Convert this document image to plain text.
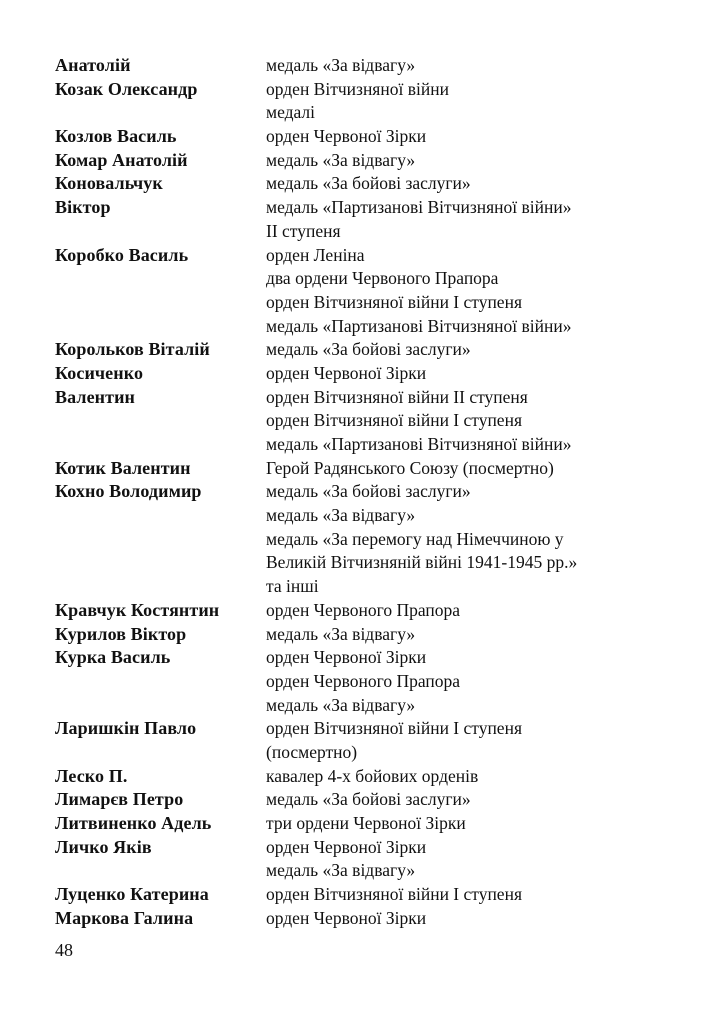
Анатолій	медаль «За відвагу»
Козак Олександр	орден Вітчизняної війни
медалі
Козлов Василь	орден Червоної Зірки
Комар Анатолій	медаль «За відвагу»
Коновальчук	медаль «За бойові заслуги»
Віктор	медаль «Партизанові Вітчизняної війни»
ІІ ступеня
Коробко Василь	орден Леніна
два ордени Червоного Прапора
орден Вітчизняної війни І ступеня
медаль «Партизанові Вітчизняної війни»
Корольков Віталій	медаль «За бойові заслуги»
Косиченко	орден Червоної Зірки
Валентин	орден Вітчизняної війни ІІ ступеня
орден Вітчизняної війни І ступеня
медаль «Партизанові Вітчизняної війни»
Котик Валентин	Герой Радянського Союзу (посмертно)
Кохно Володимир	медаль «За бойові заслуги»
медаль «За відвагу»
медаль «За перемогу над Німеччиною у
Великій Вітчизняній війні 1941-1945 рр.»
та інші
Кравчук Костянтин	орден Червоного Прапора
Курилов Віктор	медаль «За відвагу»
Курка Василь	орден Червоної Зірки
орден Червоного Прапора
медаль «За відвагу»
Ларишкін Павло	орден Вітчизняної війни І ступеня
(посмертно)
Леско П.	кавалер 4-х бойових орденів
Лимарєв Петро	медаль «За бойові заслуги»
Литвиненко Адель	три ордени Червоної Зірки
Личко Яків	орден Червоної Зірки
медаль «За відвагу»
Луценко Катерина	орден Вітчизняної війни І ступеня
Маркова Галина	орден Червоної Зірки
48
